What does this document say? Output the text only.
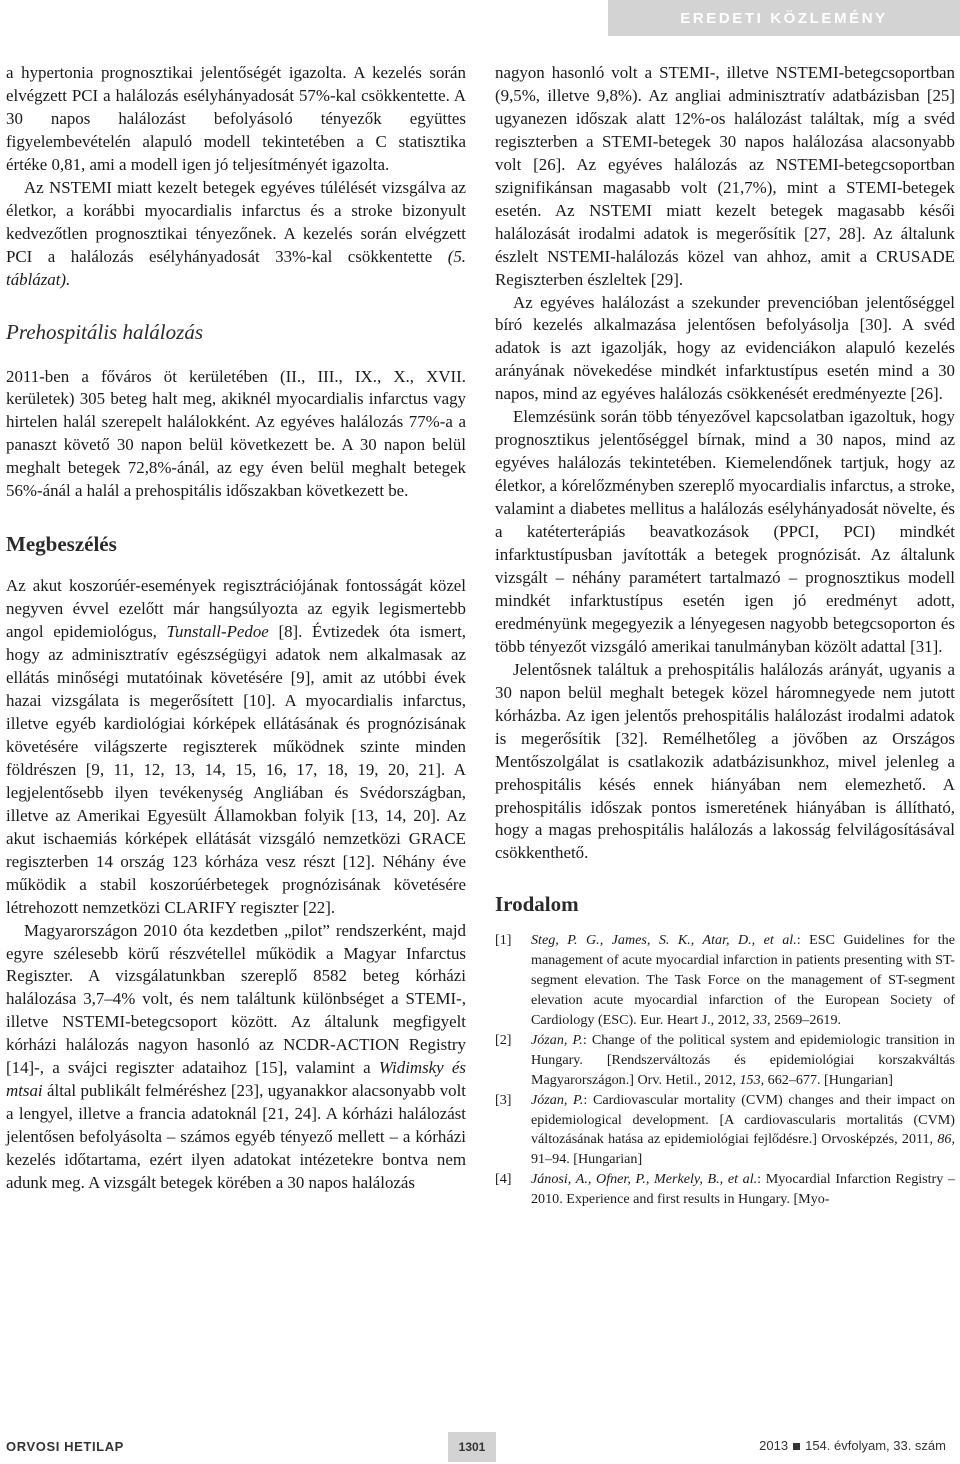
EREDETI KÖZLEMÉNY

a hypertonia prognosztikai jelentőségét igazolta. A kezelés során elvégzett PCI a halálozás esélyhányadosát 57%-kal csökkentette. A 30 napos halálozást befolyásoló tényezők együttes figyelembevételén alapuló modell tekintetében a C statisztika értéke 0,81, ami a modell igen jó teljesítményét igazolta.

Az NSTEMI miatt kezelt betegek egyéves túlélését vizsgálva az életkor, a korábbi myocardialis infarctus és a stroke bizonyult kedvezőtlen prognosztikai tényezőnek. A kezelés során elvégzett PCI a halálozás esélyhányadosát 33%-kal csökkentette (5. táblázat).

Prehospitális halálozás

2011-ben a főváros öt kerületében (II., III., IX., X., XVII. kerületek) 305 beteg halt meg, akiknél myocardialis infarctus vagy hirtelen halál szerepelt halálokként. Az egyéves halálozás 77%-a a panaszt követő 30 napon belül következett be. A 30 napon belül meghalt betegek 72,8%-ánál, az egy éven belül meghalt betegek 56%-ánál a halál a prehospitális időszakban következett be.

Megbeszélés

Az akut koszorúér-események regisztrációjának fontosságát közel negyven évvel ezelőtt már hangsúlyozta az egyik legismertebb angol epidemiológus, Tunstall-Pedoe [8]. Évtizedek óta ismert, hogy az adminisztratív egészségügyi adatok nem alkalmasak az ellátás minőségi mutatóinak követésére [9], amit az utóbbi évek hazai vizsgálata is megerősített [10]. A myocardialis infarctus, illetve egyéb kardiológiai kórképek ellátásának és prognózisának követésére világszerte regiszterek működnek szinte minden földrészen [9, 11, 12, 13, 14, 15, 16, 17, 18, 19, 20, 21]. A legjelentősebb ilyen tevékenység Angliában és Svédországban, illetve az Amerikai Egyesült Államokban folyik [13, 14, 20]. Az akut ischaemiás kórképek ellátását vizsgáló nemzetközi GRACE regiszterben 14 ország 123 kórháza vesz részt [12]. Néhány éve működik a stabil koszorúérbetegek prognózisának követésére létrehozott nemzetközi CLARIFY regiszter [22].

Magyarországon 2010 óta kezdetben „pilot” rendszerként, majd egyre szélesebb körű részvétellel működik a Magyar Infarctus Regiszter. A vizsgálatunkban szereplő 8582 beteg kórházi halálozása 3,7–4% volt, és nem találtunk különbséget a STEMI-, illetve NSTEMI-betegcsoport között. Az általunk megfigyelt kórházi halálozás nagyon hasonló az NCDR-ACTION Registry [14]-, a svájci regiszter adataihoz [15], valamint a Widimsky és mtsai által publikált felméréshez [23], ugyanakkor alacsonyabb volt a lengyel, illetve a francia adatoknál [21, 24]. A kórházi halálozást jelentősen befolyásolta – számos egyéb tényező mellett – a kórházi kezelés időtartama, ezért ilyen adatokat intézetekre bontva nem adunk meg. A vizsgált betegek körében a 30 napos halálozás

nagyon hasonló volt a STEMI-, illetve NSTEMI-betegcsoportban (9,5%, illetve 9,8%). Az angliai adminisztratív adatbázisban [25] ugyanezen időszak alatt 12%-os halálozást találtak, míg a svéd regiszterben a STEMI-betegek 30 napos halálozása alacsonyabb volt [26]. Az egyéves halálozás az NSTEMI-betegcsoportban szignifikánsan magasabb volt (21,7%), mint a STEMI-betegek esetén. Az NSTEMI miatt kezelt betegek magasabb késői halálozását irodalmi adatok is megerősítik [27, 28]. Az általunk észlelt NSTEMI-halálozás közel van ahhoz, amit a CRUSADE Regiszterben észleltek [29].

Az egyéves halálozást a szekunder prevencióban jelentőséggel bíró kezelés alkalmazása jelentősen befolyásolja [30]. A svéd adatok is azt igazolják, hogy az evidenciákon alapuló kezelés arányának növekedése mindkét infarktustípus esetén mind a 30 napos, mind az egyéves halálozás csökkenését eredményezte [26].

Elemzésünk során több tényezővel kapcsolatban igazoltuk, hogy prognosztikus jelentőséggel bírnak, mind a 30 napos, mind az egyéves halálozás tekintetében. Kiemelendőnek tartjuk, hogy az életkor, a kórelőzményben szereplő myocardialis infarctus, a stroke, valamint a diabetes mellitus a halálozás esélyhányadosát növelte, és a katéterterápiás beavatkozások (PPCI, PCI) mindkét infarktustípusban javították a betegek prognózisát. Az általunk vizsgált – néhány paramétert tartalmazó – prognosztikus modell mindkét infarktustípus esetén igen jó eredményt adott, eredményünk megegyezik a lényegesen nagyobb betegcsoporton és több tényezőt vizsgáló amerikai tanulmányban közölt adattal [31].

Jelentősnek találtuk a prehospitális halálozás arányát, ugyanis a 30 napon belül meghalt betegek közel háromnegyede nem jutott kórházba. Az igen jelentős prehospitális halálozást irodalmi adatok is megerősítik [32]. Remélhetőleg a jövőben az Országos Mentőszolgálat is csatlakozik adatbázisunkhoz, mivel jelenleg a prehospitális késés ennek hiányában nem elemezhető. A prehospitális időszak pontos ismeretének hiányában is állítható, hogy a magas prehospitális halálozás a lakosság felvilágosításával csökkenthető.

Irodalom
[1]	Steg, P. G., James, S. K., Atar, D., et al.: ESC Guidelines for the management of acute myocardial infarction in patients presenting with ST-segment elevation. The Task Force on the management of ST-segment elevation acute myocardial infarction of the European Society of Cardiology (ESC). Eur. Heart J., 2012, 33, 2569–2619.
[2]	Józan, P.: Change of the political system and epidemiologic transition in Hungary. [Rendszerváltozás és epidemiológiai korszakváltás Magyarországon.] Orv. Hetil., 2012, 153, 662–677. [Hungarian]
[3]	Józan, P.: Cardiovascular mortality (CVM) changes and their impact on epidemiological development. [A cardiovascularis mortalitás (CVM) változásának hatása az epidemiológiai fejlődésre.] Orvosképzés, 2011, 86, 91–94. [Hungarian]
[4]	Jánosi, A., Ofner, P., Merkely, B., et al.: Myocardial Infarction Registry – 2010. Experience and first results in Hungary. [Myo-
ORVOSI HETILAP	1301	2013 154. évfolyam, 33. szám
